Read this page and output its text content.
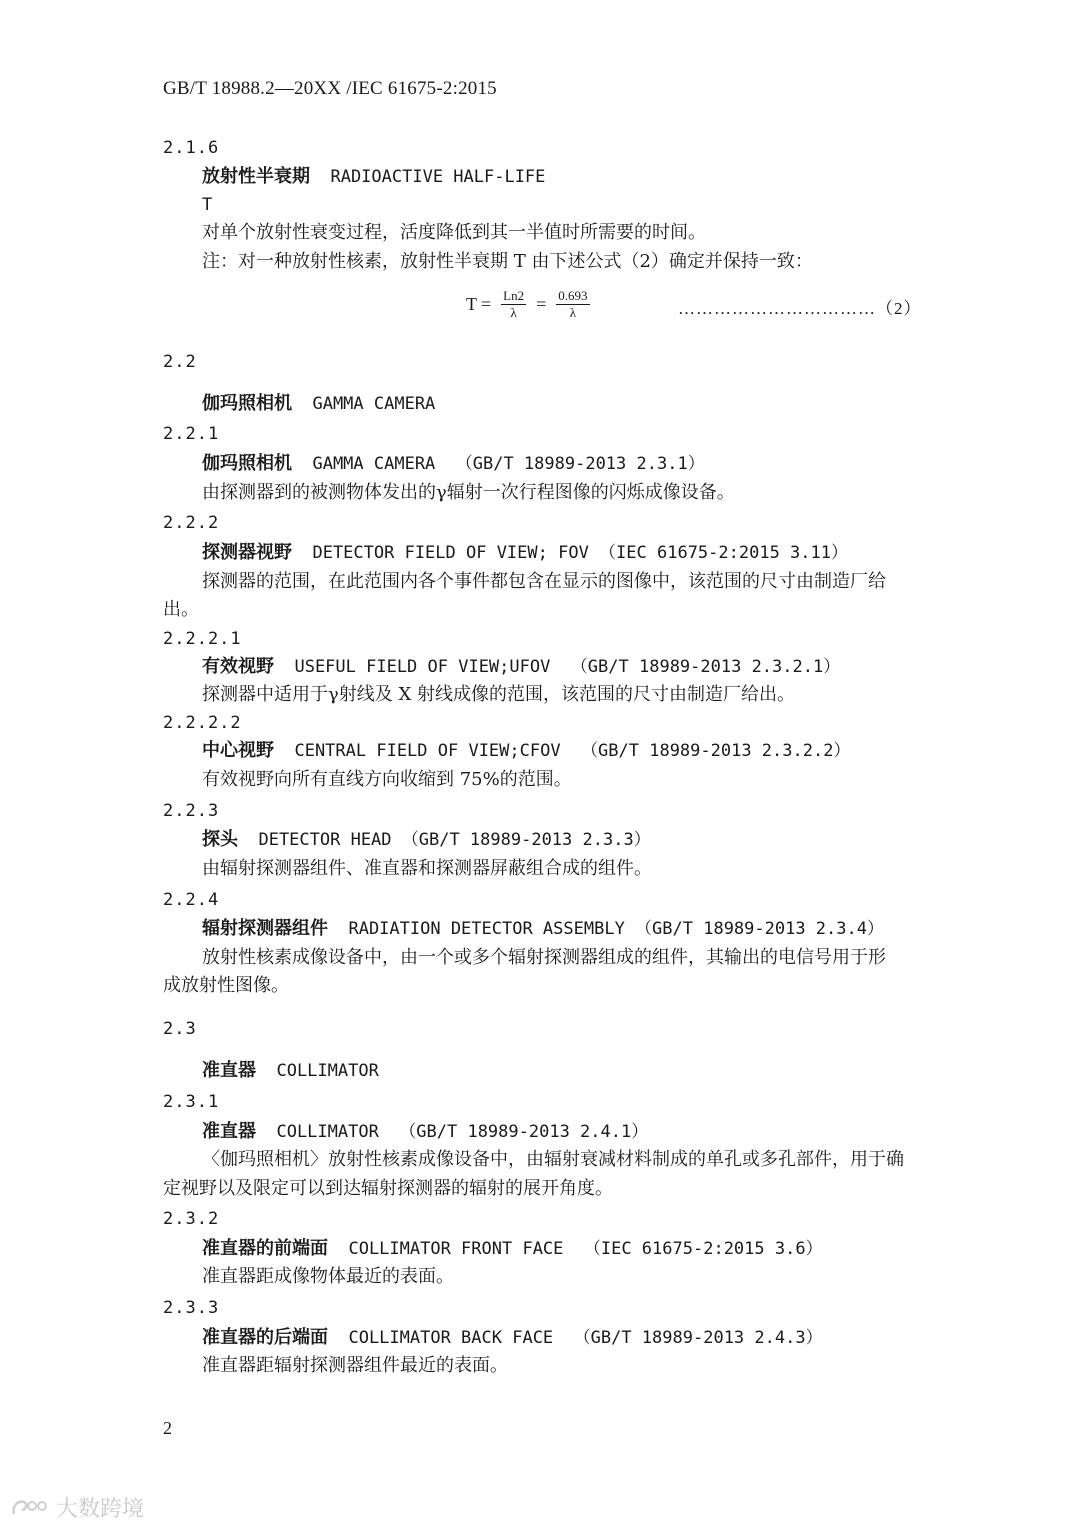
GB/T 18988.2—20XX /IEC 61675-2:2015
2.1.6
放射性半衰期  RADIOACTIVE HALF-LIFE
T
对单个放射性衰变过程，活度降低到其一半值时所需要的时间。
注：对一种放射性核素，放射性半衰期 T 由下述公式（2）确定并保持一致：
$T = \frac{Ln2}{\lambda} = \frac{0.693}{\lambda}$	……………………………（2）
2.2
伽玛照相机  GAMMA CAMERA
2.2.1
伽玛照相机  GAMMA CAMERA  （GB/T 18989-2013 2.3.1）
由探测器到的被测物体发出的γ辐射一次行程图像的闪烁成像设备。
2.2.2
探测器视野  DETECTOR FIELD OF VIEW; FOV （IEC 61675-2:2015 3.11）
探测器的范围，在此范围内各个事件都包含在显示的图像中，该范围的尺寸由制造厂给
出。
2.2.2.1
有效视野  USEFUL FIELD OF VIEW;UFOV  （GB/T 18989-2013 2.3.2.1）
探测器中适用于γ射线及 X 射线成像的范围，该范围的尺寸由制造厂给出。
2.2.2.2
中心视野  CENTRAL FIELD OF VIEW;CFOV  （GB/T 18989-2013 2.3.2.2）
有效视野向所有直线方向收缩到 75%的范围。
2.2.3
探头  DETECTOR HEAD （GB/T 18989-2013 2.3.3）
由辐射探测器组件、准直器和探测器屏蔽组合成的组件。
2.2.4
辐射探测器组件  RADIATION DETECTOR ASSEMBLY （GB/T 18989-2013 2.3.4）
放射性核素成像设备中，由一个或多个辐射探测器组成的组件，其输出的电信号用于形
成放射性图像。
2.3
准直器  COLLIMATOR
2.3.1
准直器  COLLIMATOR  （GB/T 18989-2013 2.4.1）
〈伽玛照相机〉放射性核素成像设备中，由辐射衰减材料制成的单孔或多孔部件，用于确
定视野以及限定可以到达辐射探测器的辐射的展开角度。
2.3.2
准直器的前端面  COLLIMATOR FRONT FACE  （IEC 61675-2:2015 3.6）
准直器距成像物体最近的表面。
2.3.3
准直器的后端面  COLLIMATOR BACK FACE  （GB/T 18989-2013 2.4.3）
准直器距辐射探测器组件最近的表面。
2
大数跨境
